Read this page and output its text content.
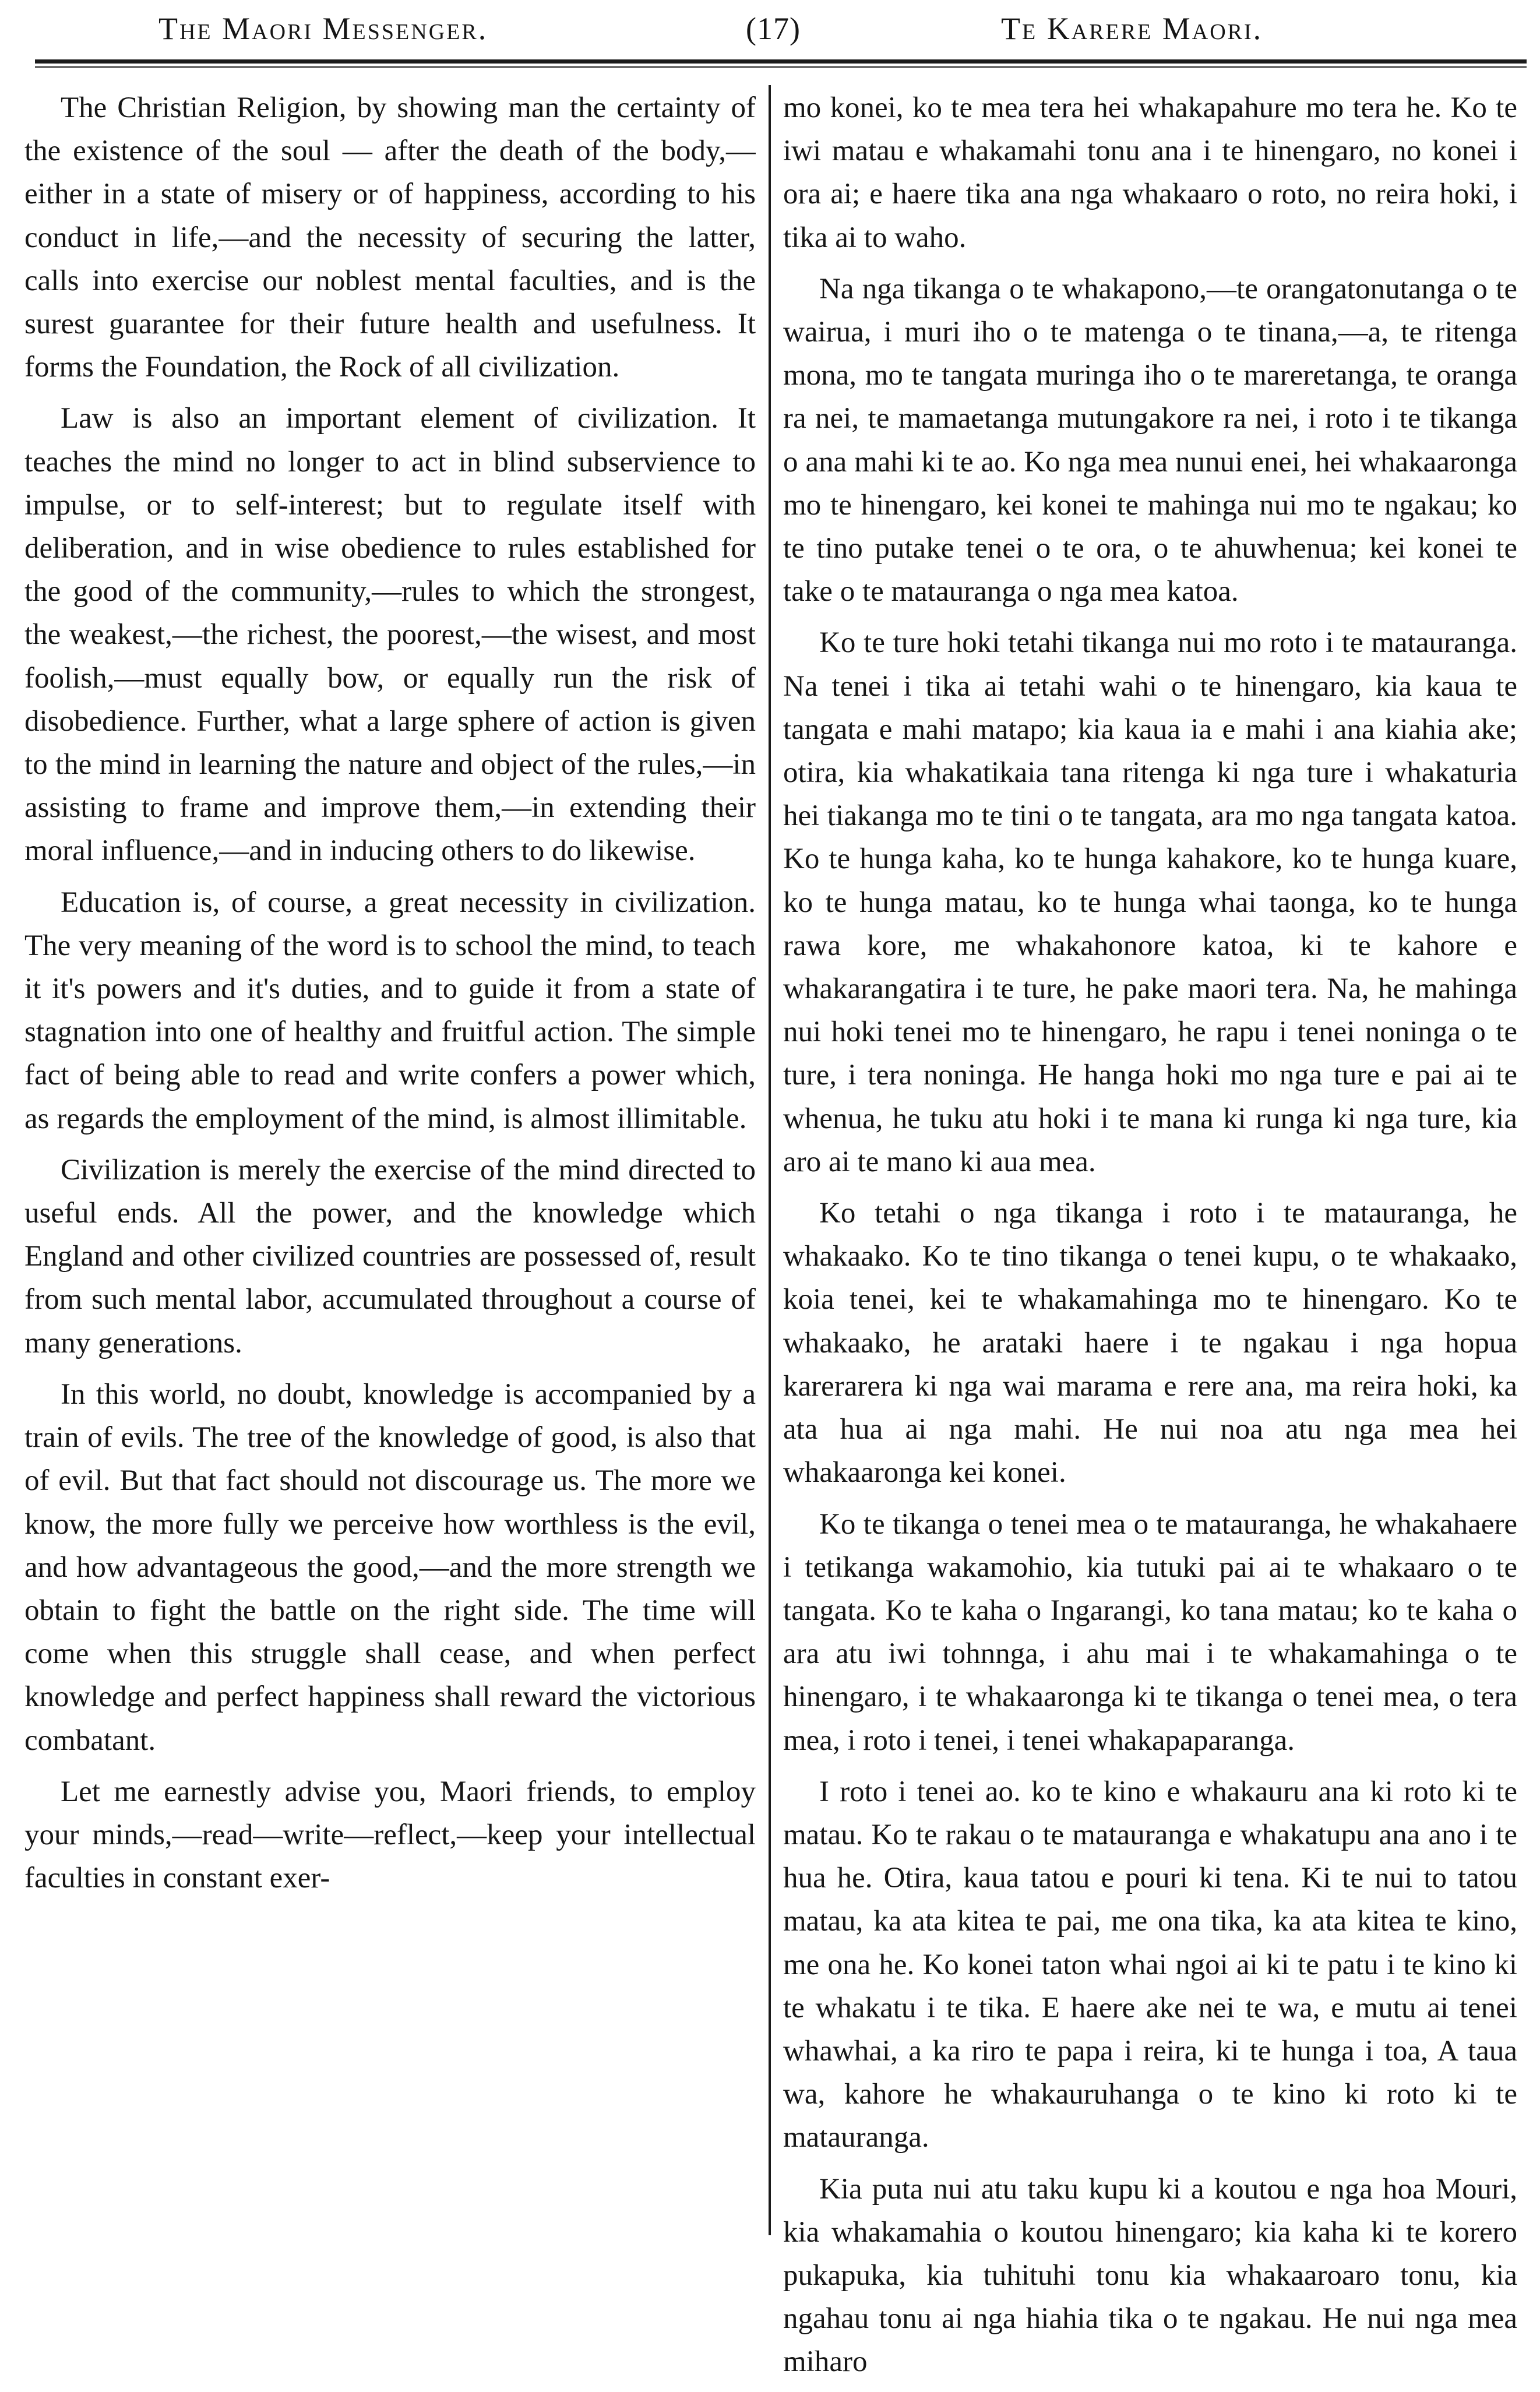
The Maori Messenger.	(17)	Te Karere Maori.

The Christian Religion, by showing man the certainty of the existence of the soul — after the death of the body,—either in a state of misery or of happiness, according to his conduct in life,—and the necessity of securing the latter, calls into exercise our noblest mental faculties, and is the surest guarantee for their future health and usefulness. It forms the Foundation, the Rock of all civilization.

Law is also an important element of civilization. It teaches the mind no longer to act in blind subservience to impulse, or to self-interest; but to regulate itself with deliberation, and in wise obedience to rules established for the good of the community,—rules to which the strongest, the weakest,—the richest, the poorest,—the wisest, and most foolish,—must equally bow, or equally run the risk of disobedience. Further, what a large sphere of action is given to the mind in learning the nature and object of the rules,—in assisting to frame and improve them,—in extending their moral influence,—and in inducing others to do likewise.

Education is, of course, a great necessity in civilization. The very meaning of the word is to school the mind, to teach it it's powers and it's duties, and to guide it from a state of stagnation into one of healthy and fruitful action. The simple fact of being able to read and write confers a power which, as regards the employment of the mind, is almost illimitable.

Civilization is merely the exercise of the mind directed to useful ends. All the power, and the knowledge which England and other civilized countries are possessed of, result from such mental labor, accumulated throughout a course of many generations.

In this world, no doubt, knowledge is accompanied by a train of evils. The tree of the knowledge of good, is also that of evil. But that fact should not discourage us. The more we know, the more fully we perceive how worthless is the evil, and how advantageous the good,—and the more strength we obtain to fight the battle on the right side. The time will come when this struggle shall cease, and when perfect knowledge and perfect happiness shall reward the victorious combatant.

Let me earnestly advise you, Maori friends, to employ your minds,—read—write—reflect,—keep your intellectual faculties in constant exer-

mo konei, ko te mea tera hei whakapahure mo tera he. Ko te iwi matau e whakamahi tonu ana i te hinengaro, no konei i ora ai; e haere tika ana nga whakaaro o roto, no reira hoki, i tika ai to waho.

Na nga tikanga o te whakapono,—te orangatonutanga o te wairua, i muri iho o te matenga o te tinana,—a, te ritenga mona, mo te tangata muringa iho o te mareretanga, te oranga ra nei, te mamaetanga mutungakore ra nei, i roto i te tikanga o ana mahi ki te ao. Ko nga mea nunui enei, hei whakaaronga mo te hinengaro, kei konei te mahinga nui mo te ngakau; ko te tino putake tenei o te ora, o te ahuwhenua; kei konei te take o te matauranga o nga mea katoa.

Ko te ture hoki tetahi tikanga nui mo roto i te matauranga. Na tenei i tika ai tetahi wahi o te hinengaro, kia kaua te tangata e mahi matapo; kia kaua ia e mahi i ana kiahia ake; otira, kia whakatikaia tana ritenga ki nga ture i whakaturia hei tiakanga mo te tini o te tangata, ara mo nga tangata katoa. Ko te hunga kaha, ko te hunga kahakore, ko te hunga kuare, ko te hunga matau, ko te hunga whai taonga, ko te hunga rawa kore, me whakahonore katoa, ki te kahore e whakarangatira i te ture, he pake maori tera. Na, he mahinga nui hoki tenei mo te hinengaro, he rapu i tenei noninga o te ture, i tera noninga. He hanga hoki mo nga ture e pai ai te whenua, he tuku atu hoki i te mana ki runga ki nga ture, kia aro ai te mano ki aua mea.

Ko tetahi o nga tikanga i roto i te matauranga, he whakaako. Ko te tino tikanga o tenei kupu, o te whakaako, koia tenei, kei te whakamahinga mo te hinengaro. Ko te whakaako, he arataki haere i te ngakau i nga hopua karerarera ki nga wai marama e rere ana, ma reira hoki, ka ata hua ai nga mahi. He nui noa atu nga mea hei whakaaronga kei konei.

Ko te tikanga o tenei mea o te matauranga, he whakahaere i tetikanga wakamohio, kia tutuki pai ai te whakaaro o te tangata. Ko te kaha o Ingarangi, ko tana matau; ko te kaha o ara atu iwi tohnnga, i ahu mai i te whakamahinga o te hinengaro, i te whakaaronga ki te tikanga o tenei mea, o tera mea, i roto i tenei, i tenei whakapaparanga.

I roto i tenei ao. ko te kino e whakauru ana ki roto ki te matau. Ko te rakau o te matauranga e whakatupu ana ano i te hua he. Otira, kaua tatou e pouri ki tena. Ki te nui to tatou matau, ka ata kitea te pai, me ona tika, ka ata kitea te kino, me ona he. Ko konei taton whai ngoi ai ki te patu i te kino ki te whakatu i te tika. E haere ake nei te wa, e mutu ai tenei whawhai, a ka riro te papa i reira, ki te hunga i toa, A taua wa, kahore he whakauruhanga o te kino ki roto ki te matauranga.

Kia puta nui atu taku kupu ki a koutou e nga hoa Mouri, kia whakamahia o koutou hinengaro; kia kaha ki te korero pukapuka, kia tuhituhi tonu kia whakaaroaro tonu, kia ngahau tonu ai nga hiahia tika o te ngakau. He nui nga mea miharo
